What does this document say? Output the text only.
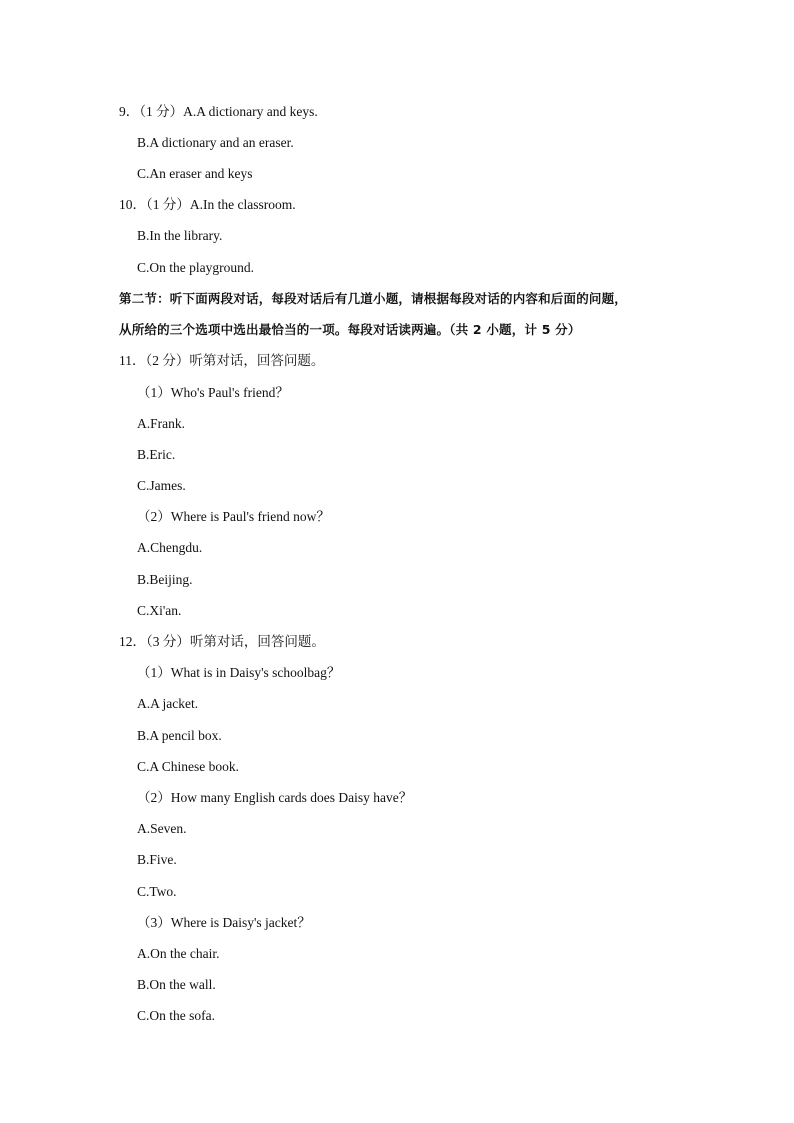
9．（1 分）A.A dictionary and keys.
B.A dictionary and an eraser.
C.An eraser and keys
10．（1 分）A.In the classroom.
B.In the library.
C.On the playground.
第二节：听下面两段对话，每段对话后有几道小题，请根据每段对话的内容和后面的问题，
从所给的三个选项中选出最恰当的一项。每段对话读两遍。（共 2 小题，计 5 分）
11．（2 分）听第对话，回答问题。
（1）Who's Paul's friend？
A.Frank.
B.Eric.
C.James.
（2）Where is Paul's friend now？
A.Chengdu.
B.Beijing.
C.Xi'an.
12．（3 分）听第对话，回答问题。
（1）What is in Daisy's schoolbag？
A.A jacket.
B.A pencil box.
C.A Chinese book.
（2）How many English cards does Daisy have？
A.Seven.
B.Five.
C.Two.
（3）Where is Daisy's jacket？
A.On the chair.
B.On the wall.
C.On the sofa.
